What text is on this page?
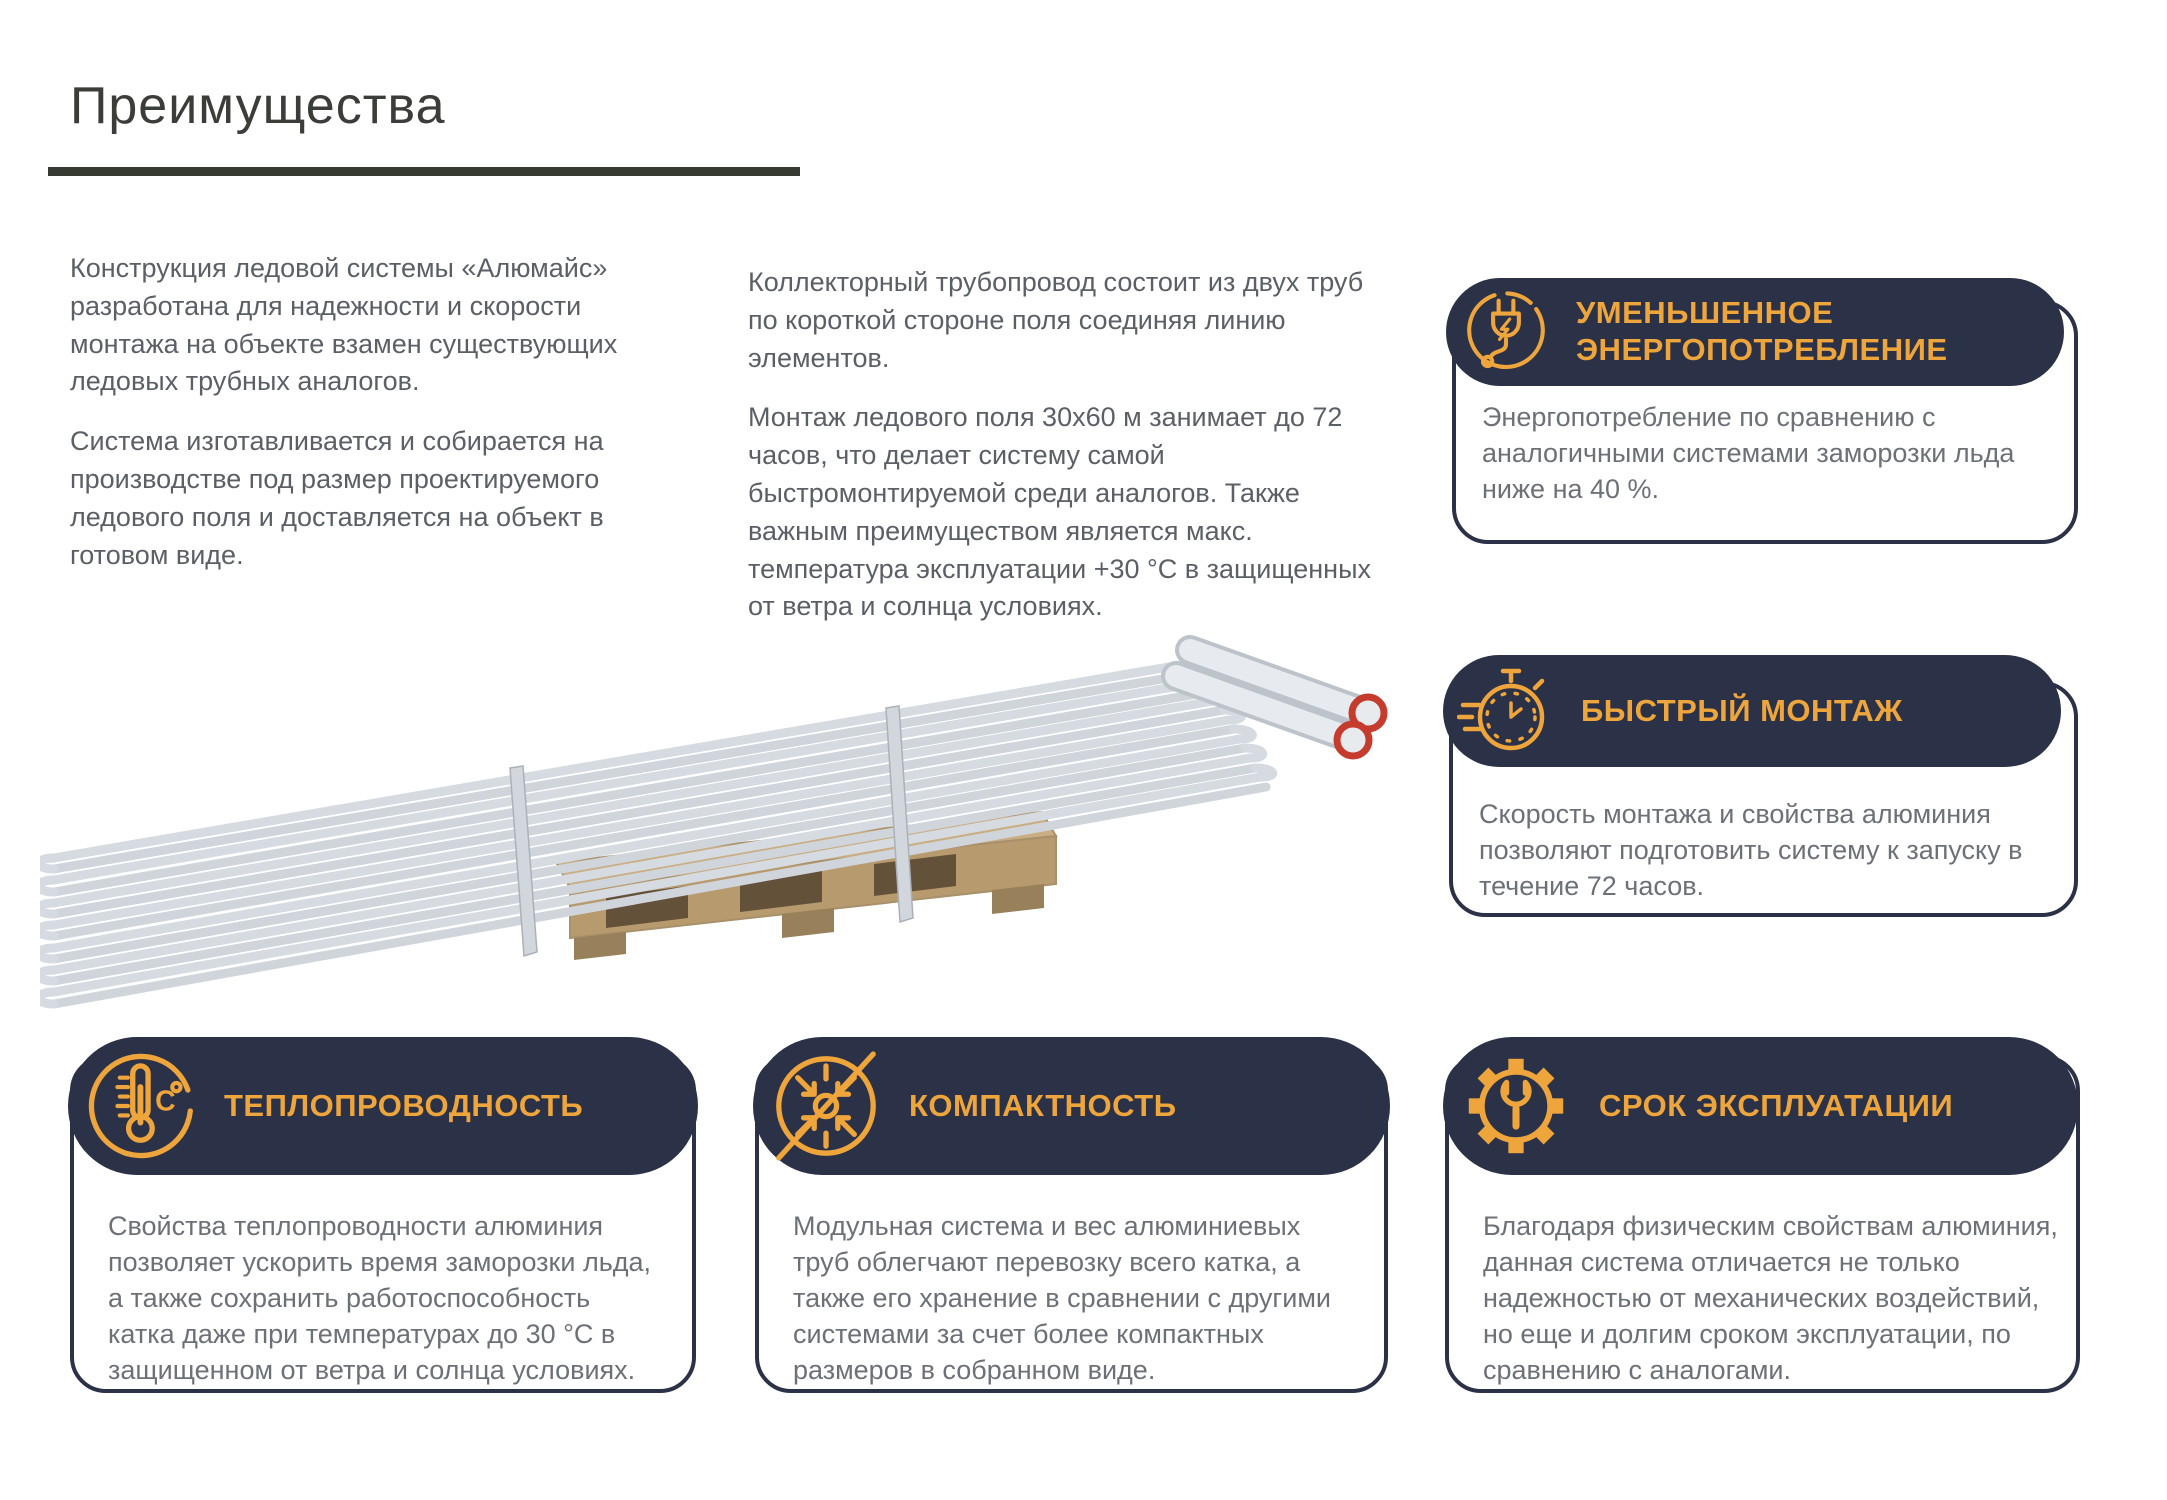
Преимущества

Конструкция ледовой системы «Алюмайс» разработана для надежности и скорости монтажа на объекте взамен существующих ледовых трубных аналогов.

Система изготавливается и собирается на производстве под размер проектируемого ледового поля и доставляется на объект в готовом виде.

Коллекторный трубопровод состоит из двух труб по короткой стороне поля соединяя линию элементов.

Монтаж ледового поля 30х60 м занимает до 72 часов, что делает систему самой быстромонтируемой среди аналогов. Также важным преимуществом является макс. температура эксплуатации +30 °С в защищенных от ветра и солнца условиях.

УМЕНЬШЕННОЕ ЭНЕРГОПОТРЕБЛЕНИЕ
Энергопотребление по сравнению с аналогичными системами заморозки льда ниже на 40 %.
БЫСТРЫЙ МОНТАЖ
Скорость монтажа и свойства алюминия позволяют подготовить систему к запуску в течение 72 часов.
C ТЕПЛОПРОВОДНОСТЬ
Свойства теплопроводности алюминия позволяет ускорить время заморозки льда, а также сохранить работоспособность катка даже при температурах до 30 °С в защищенном от ветра и солнца условиях.
КОМПАКТНОСТЬ
Модульная система и вес алюминиевых труб облегчают перевозку всего катка, а также его хранение в сравнении с другими системами за счет более компактных размеров в собранном виде.
СРОК ЭКСПЛУАТАЦИИ
Благодаря физическим свойствам алюминия, данная система отличается не только надежностью от механических воздействий, но еще и долгим сроком эксплуатации, по сравнению с аналогами.
